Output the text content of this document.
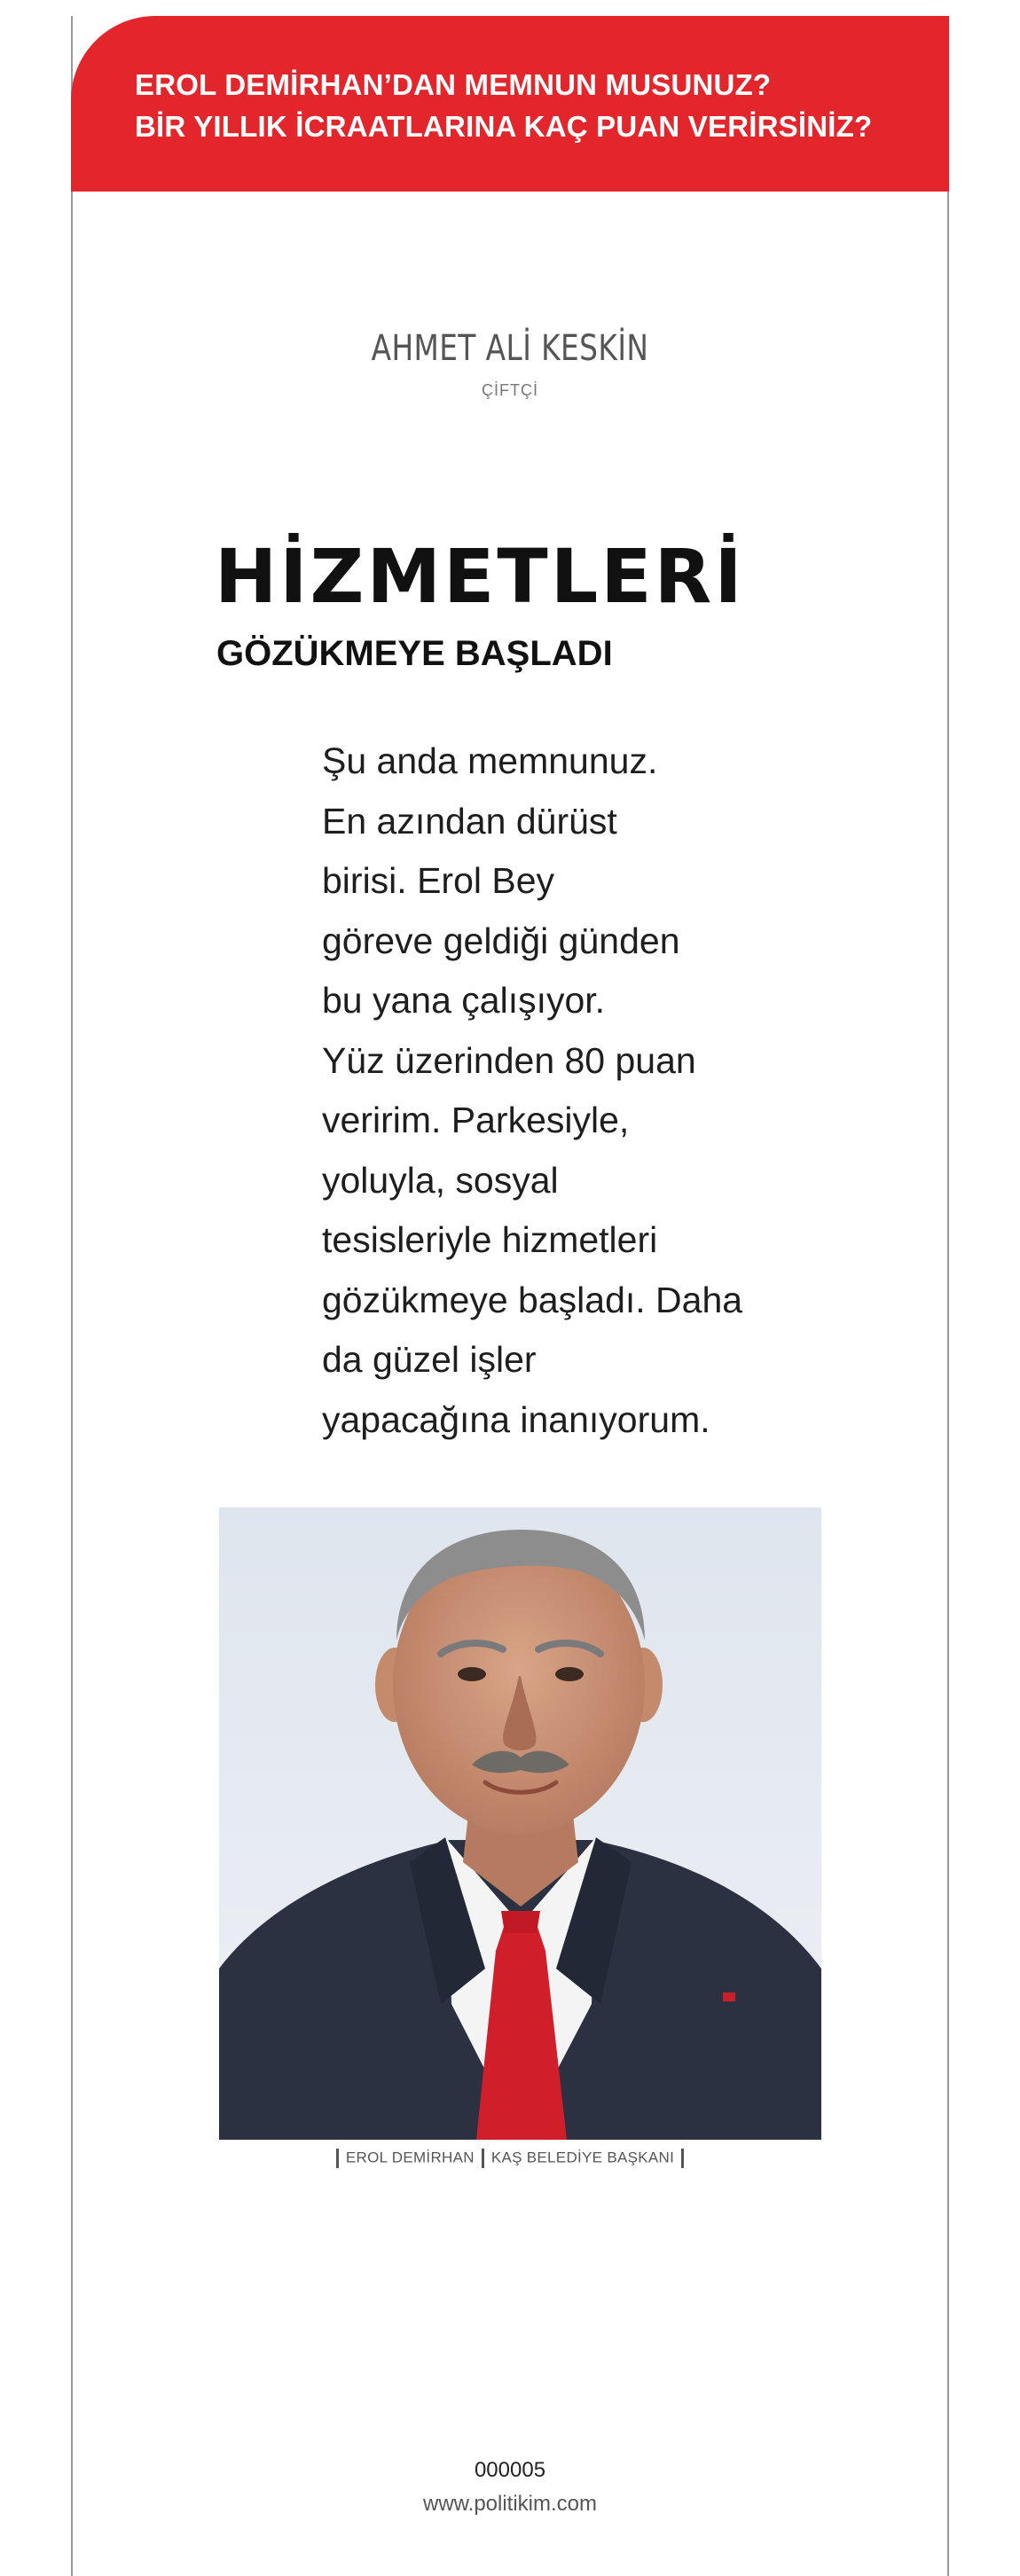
EROL DEMİRHAN’DAN MEMNUN MUSUNUZ?
BİR YILLIK İCRAATLARINA KAÇ PUAN VERİRSİNİZ?
AHMET ALİ KESKİN
ÇİFTÇİ
HİZMETLERİ
GÖZÜKMEYE BAŞLADI
Şu anda memnunuz.
En azından dürüst
birisi. Erol Bey
göreve geldiği günden
bu yana çalışıyor.
Yüz üzerinden 80 puan
veririm. Parkesiyle,
yoluyla, sosyal
tesisleriyle hizmetleri
gözükmeye başladı. Daha
da güzel işler
yapacağına inanıyorum.
EROL DEMİRHAN KAŞ BELEDİYE BAŞKANI
000005
www.politikim.com
